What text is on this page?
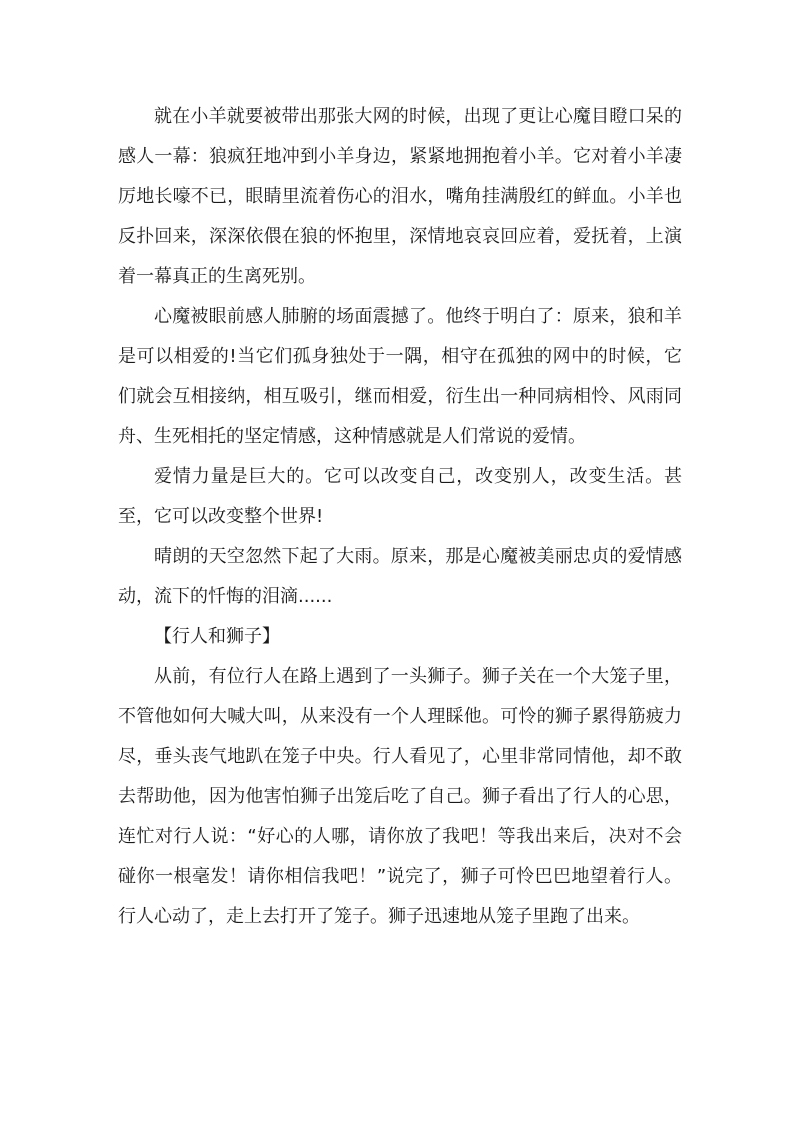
就在小羊就要被带出那张大网的时候，出现了更让心魔目瞪口呆的感人一幕：狼疯狂地冲到小羊身边，紧紧地拥抱着小羊。它对着小羊凄厉地长嚎不已，眼睛里流着伤心的泪水，嘴角挂满殷红的鲜血。小羊也反扑回来，深深依偎在狼的怀抱里，深情地哀哀回应着，爱抚着，上演着一幕真正的生离死别。

心魔被眼前感人肺腑的场面震撼了。他终于明白了：原来，狼和羊是可以相爱的!当它们孤身独处于一隅，相守在孤独的网中的时候，它们就会互相接纳，相互吸引，继而相爱，衍生出一种同病相怜、风雨同舟、生死相托的坚定情感，这种情感就是人们常说的爱情。

爱情力量是巨大的。它可以改变自己，改变别人，改变生活。甚至，它可以改变整个世界!

晴朗的天空忽然下起了大雨。原来，那是心魔被美丽忠贞的爱情感动，流下的忏悔的泪滴......

【行人和狮子】

从前，有位行人在路上遇到了一头狮子。狮子关在一个大笼子里，不管他如何大喊大叫，从来没有一个人理睬他。可怜的狮子累得筋疲力尽，垂头丧气地趴在笼子中央。行人看见了，心里非常同情他，却不敢去帮助他，因为他害怕狮子出笼后吃了自己。狮子看出了行人的心思，连忙对行人说：“好心的人哪，请你放了我吧！等我出来后，决对不会碰你一根毫发！请你相信我吧！”说完了，狮子可怜巴巴地望着行人。行人心动了，走上去打开了笼子。狮子迅速地从笼子里跑了出来。
